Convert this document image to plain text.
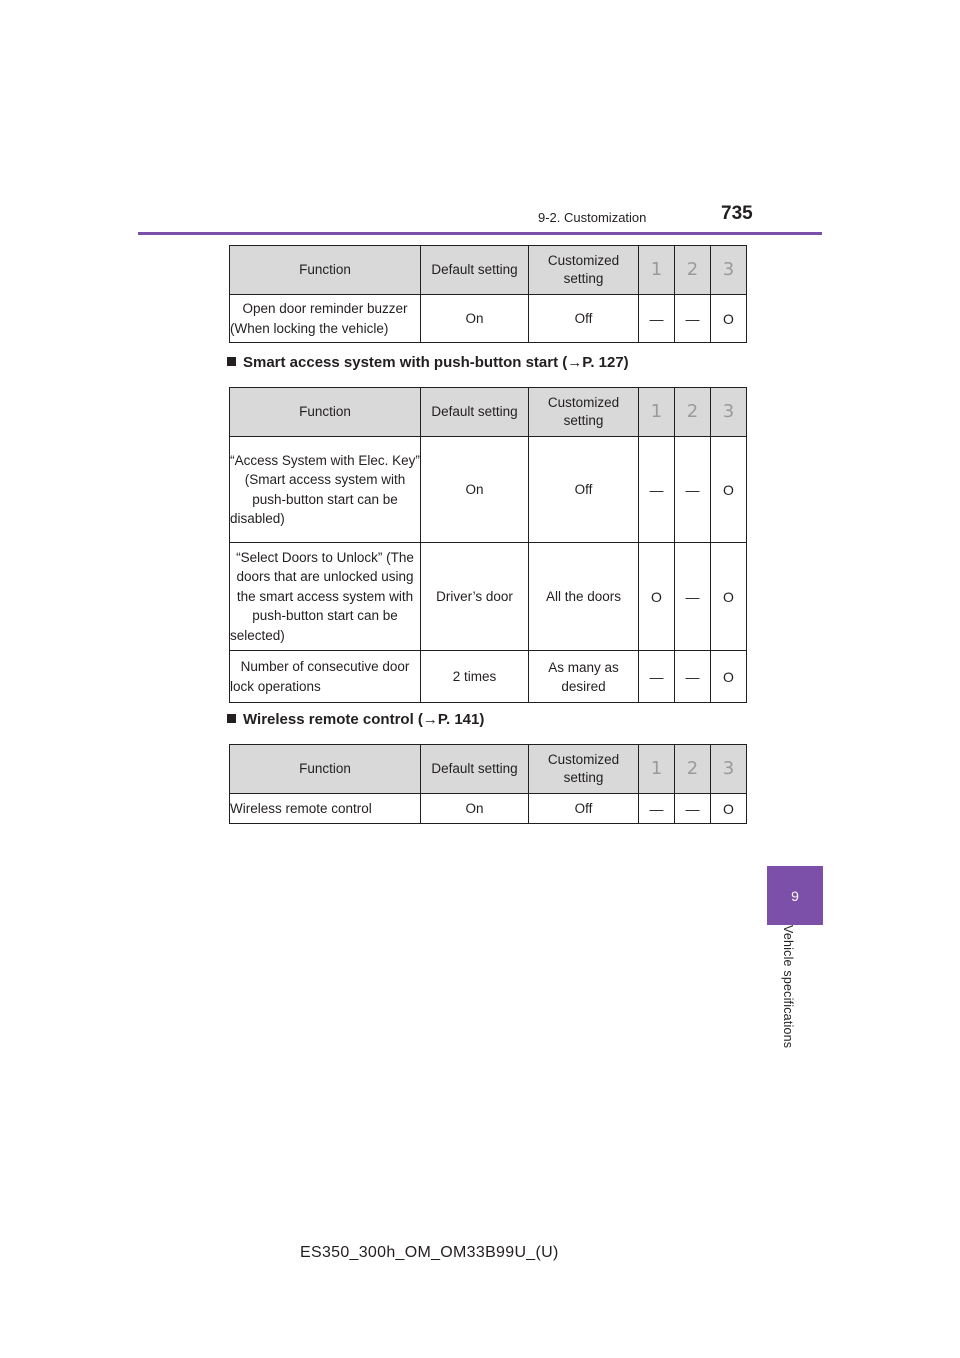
9-2. Customization	735
Function	Default setting	Customized setting	1	2	3
Open door reminder buzzer (When locking the vehicle)	On	Off	—	—	O
Smart access system with push-button start (→P. 127)
Function	Default setting	Customized setting	1	2	3
“Access System with Elec. Key” (Smart access system with push-button start can be disabled)	On	Off	—	—	O
“Select Doors to Unlock” (The doors that are unlocked using the smart access system with push-button start can be selected)	Driver’s door	All the doors	O	—	O
Number of consecutive door lock operations	2 times	As many as desired	—	—	O
Wireless remote control (→P. 141)
Function	Default setting	Customized setting	1	2	3
Wireless remote control	On	Off	—	—	O
9
Vehicle specifications
ES350_300h_OM_OM33B99U_(U)
